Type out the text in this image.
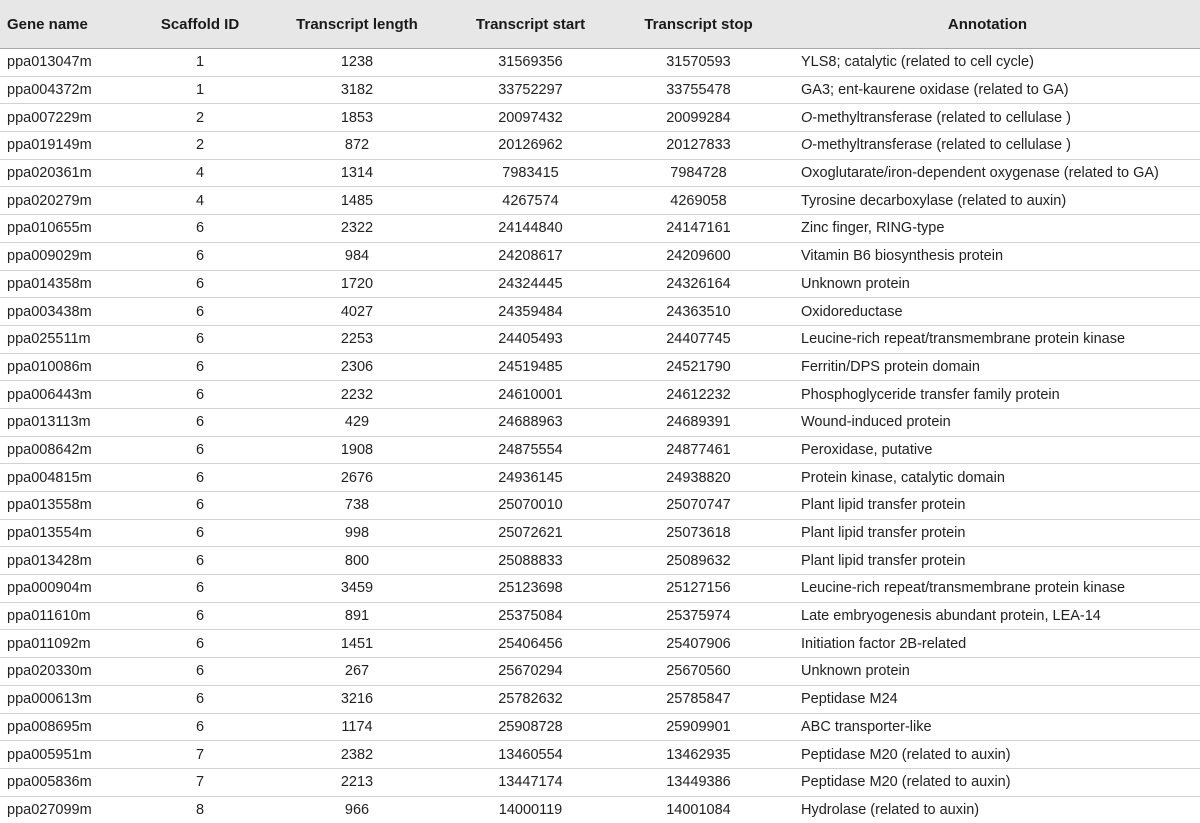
Gene name	Scaffold ID	Transcript length	Transcript start	Transcript stop	Annotation
ppa013047m	1	1238	31569356	31570593	YLS8; catalytic (related to cell cycle)
ppa004372m	1	3182	33752297	33755478	GA3; ent-kaurene oxidase (related to GA)
ppa007229m	2	1853	20097432	20099284	O-methyltransferase (related to cellulase )
ppa019149m	2	872	20126962	20127833	O-methyltransferase (related to cellulase )
ppa020361m	4	1314	7983415	7984728	Oxoglutarate/iron-dependent oxygenase (related to GA)
ppa020279m	4	1485	4267574	4269058	Tyrosine decarboxylase (related to auxin)
ppa010655m	6	2322	24144840	24147161	Zinc finger, RING-type
ppa009029m	6	984	24208617	24209600	Vitamin B6 biosynthesis protein
ppa014358m	6	1720	24324445	24326164	Unknown protein
ppa003438m	6	4027	24359484	24363510	Oxidoreductase
ppa025511m	6	2253	24405493	24407745	Leucine-rich repeat/transmembrane protein kinase
ppa010086m	6	2306	24519485	24521790	Ferritin/DPS protein domain
ppa006443m	6	2232	24610001	24612232	Phosphoglyceride transfer family protein
ppa013113m	6	429	24688963	24689391	Wound-induced protein
ppa008642m	6	1908	24875554	24877461	Peroxidase, putative
ppa004815m	6	2676	24936145	24938820	Protein kinase, catalytic domain
ppa013558m	6	738	25070010	25070747	Plant lipid transfer protein
ppa013554m	6	998	25072621	25073618	Plant lipid transfer protein
ppa013428m	6	800	25088833	25089632	Plant lipid transfer protein
ppa000904m	6	3459	25123698	25127156	Leucine-rich repeat/transmembrane protein kinase
ppa011610m	6	891	25375084	25375974	Late embryogenesis abundant protein, LEA-14
ppa011092m	6	1451	25406456	25407906	Initiation factor 2B-related
ppa020330m	6	267	25670294	25670560	Unknown protein
ppa000613m	6	3216	25782632	25785847	Peptidase M24
ppa008695m	6	1174	25908728	25909901	ABC transporter-like
ppa005951m	7	2382	13460554	13462935	Peptidase M20 (related to auxin)
ppa005836m	7	2213	13447174	13449386	Peptidase M20 (related to auxin)
ppa027099m	8	966	14000119	14001084	Hydrolase (related to auxin)
